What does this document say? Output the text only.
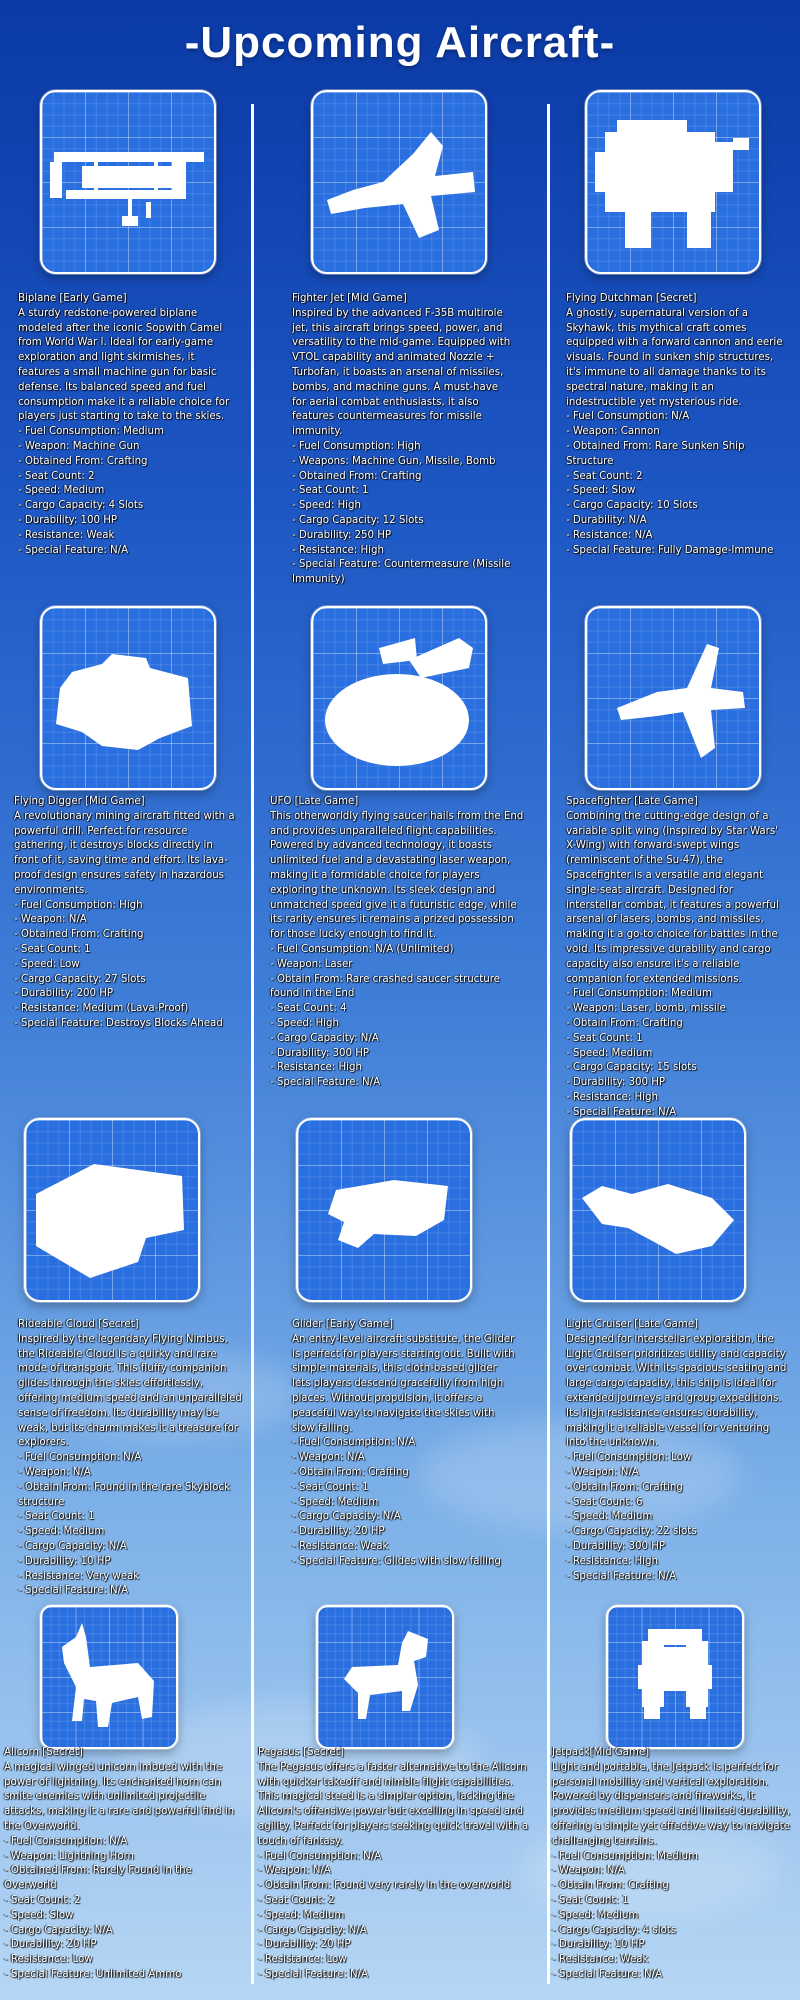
-Upcoming Aircraft-
Biplane [Early Game]
A sturdy redstone-powered biplane modeled after the iconic Sopwith Camel from World War I. Ideal for early-game exploration and light skirmishes, it features a small machine gun for basic defense. Its balanced speed and fuel consumption make it a reliable choice for players just starting to take to the skies.
- Fuel Consumption: Medium
- Weapon: Machine Gun
- Obtained From: Crafting
- Seat Count: 2
- Speed: Medium
- Cargo Capacity: 4 Slots
- Durability: 100 HP
- Resistance: Weak
- Special Feature: N/A
Fighter Jet [Mid Game]
Inspired by the advanced F-35B multirole jet, this aircraft brings speed, power, and versatility to the mid-game. Equipped with VTOL capability and animated Nozzle + Turbofan, it boasts an arsenal of missiles, bombs, and machine guns. A must-have for aerial combat enthusiasts, it also features countermeasures for missile immunity.
- Fuel Consumption: High
- Weapons: Machine Gun, Missile, Bomb
- Obtained From: Crafting
- Seat Count: 1
- Speed: High
- Cargo Capacity: 12 Slots
- Durability: 250 HP
- Resistance: High
- Special Feature: Countermeasure (Missile Immunity)
Flying Dutchman [Secret]
A ghostly, supernatural version of a Skyhawk, this mythical craft comes equipped with a forward cannon and eerie visuals. Found in sunken ship structures, it's immune to all damage thanks to its spectral nature, making it an indestructible yet mysterious ride.
- Fuel Consumption: N/A
- Weapon: Cannon
- Obtained From: Rare Sunken Ship Structure
- Seat Count: 2
- Speed: Slow
- Cargo Capacity: 10 Slots
- Durability: N/A
- Resistance: N/A
- Special Feature: Fully Damage-Immune
Flying Digger [Mid Game]
A revolutionary mining aircraft fitted with a powerful drill. Perfect for resource gathering, it destroys blocks directly in front of it, saving time and effort. Its lava-proof design ensures safety in hazardous environments.
- Fuel Consumption: High
- Weapon: N/A
- Obtained From: Crafting
- Seat Count: 1
- Speed: Low
- Cargo Capacity: 27 Slots
- Durability: 200 HP
- Resistance: Medium (Lava-Proof)
- Special Feature: Destroys Blocks Ahead
UFO [Late Game]
This otherworldly flying saucer hails from the End and provides unparalleled flight capabilities. Powered by advanced technology, it boasts unlimited fuel and a devastating laser weapon, making it a formidable choice for players exploring the unknown. Its sleek design and unmatched speed give it a futuristic edge, while its rarity ensures it remains a prized possession for those lucky enough to find it.
- Fuel Consumption: N/A (Unlimited)
- Weapon: Laser
- Obtain From: Rare crashed saucer structure found in the End
- Seat Count: 4
- Speed: High
- Cargo Capacity: N/A
- Durability: 300 HP
- Resistance: High
- Special Feature: N/A
Spacefighter [Late Game]
Combining the cutting-edge design of a variable split wing (inspired by Star Wars' X-Wing) with forward-swept wings (reminiscent of the Su-47), the Spacefighter is a versatile and elegant single-seat aircraft. Designed for interstellar combat, it features a powerful arsenal of lasers, bombs, and missiles, making it a go-to choice for battles in the void. Its impressive durability and cargo capacity also ensure it's a reliable companion for extended missions.
- Fuel Consumption: Medium
- Weapon: Laser, bomb, missile
- Obtain From: Crafting
- Seat Count: 1
- Speed: Medium
- Cargo Capacity: 15 slots
- Durability: 300 HP
- Resistance: High
- Special Feature: N/A
Rideable Cloud [Secret]
Inspired by the legendary Flying Nimbus, the Rideable Cloud is a quirky and rare mode of transport. This fluffy companion glides through the skies effortlessly, offering medium speed and an unparalleled sense of freedom. Its durability may be weak, but its charm makes it a treasure for explorers.
- Fuel Consumption: N/A
- Weapon: N/A
- Obtain From: Found in the rare Skyblock structure
- Seat Count: 1
- Speed: Medium
- Cargo Capacity: N/A
- Durability: 10 HP
- Resistance: Very weak
- Special Feature: N/A
Glider [Early Game]
An entry-level aircraft substitute, the Glider is perfect for players starting out. Built with simple materials, this cloth-based glider lets players descend gracefully from high places. Without propulsion, it offers a peaceful way to navigate the skies with slow falling.
- Fuel Consumption: N/A
- Weapon: N/A
- Obtain From: Crafting
- Seat Count: 1
- Speed: Medium
- Cargo Capacity: N/A
- Durability: 20 HP
- Resistance: Weak
- Special Feature: Glides with slow falling
Light Cruiser [Late Game]
Designed for interstellar exploration, the Light Cruiser prioritizes utility and capacity over combat. With its spacious seating and large cargo capacity, this ship is ideal for extended journeys and group expeditions. Its high resistance ensures durability, making it a reliable vessel for venturing into the unknown.
- Fuel Consumption: Low
- Weapon: N/A
- Obtain From: Crafting
- Seat Count: 6
- Speed: Medium
- Cargo Capacity: 22 slots
- Durability: 300 HP
- Resistance: High
- Special Feature: N/A
Alicorn [Secret]
A magical winged unicorn imbued with the power of lightning. Its enchanted horn can smite enemies with unlimited projectile attacks, making it a rare and powerful find in the Overworld.
- Fuel Consumption: N/A
- Weapon: Lightning Horn
- Obtained From: Rarely Found in the Overworld
- Seat Count: 2
- Speed: Slow
- Cargo Capacity: N/A
- Durability: 20 HP
- Resistance: Low
- Special Feature: Unlimited Ammo
Pegasus [Secret]
The Pegasus offers a faster alternative to the Alicorn with quicker takeoff and nimble flight capabilities. This magical steed is a simpler option, lacking the Alicorn's offensive power but excelling in speed and agility. Perfect for players seeking quick travel with a touch of fantasy.
- Fuel Consumption: N/A
- Weapon: N/A
- Obtain From: Found very rarely in the overworld
- Seat Count: 2
- Speed: Medium
- Cargo Capacity: N/A
- Durability: 20 HP
- Resistance: Low
- Special Feature: N/A
Jetpack[Mid Game]
Light and portable, the Jetpack is perfect for personal mobility and vertical exploration. Powered by dispensers and fireworks, it provides medium speed and limited durability, offering a simple yet effective way to navigate challenging terrains.
- Fuel Consumption: Medium
- Weapon: N/A
- Obtain From: Crafting
- Seat Count: 1
- Speed: Medium
- Cargo Capacity: 4 slots
- Durability: 10 HP
- Resistance: Weak
- Special Feature: N/A
